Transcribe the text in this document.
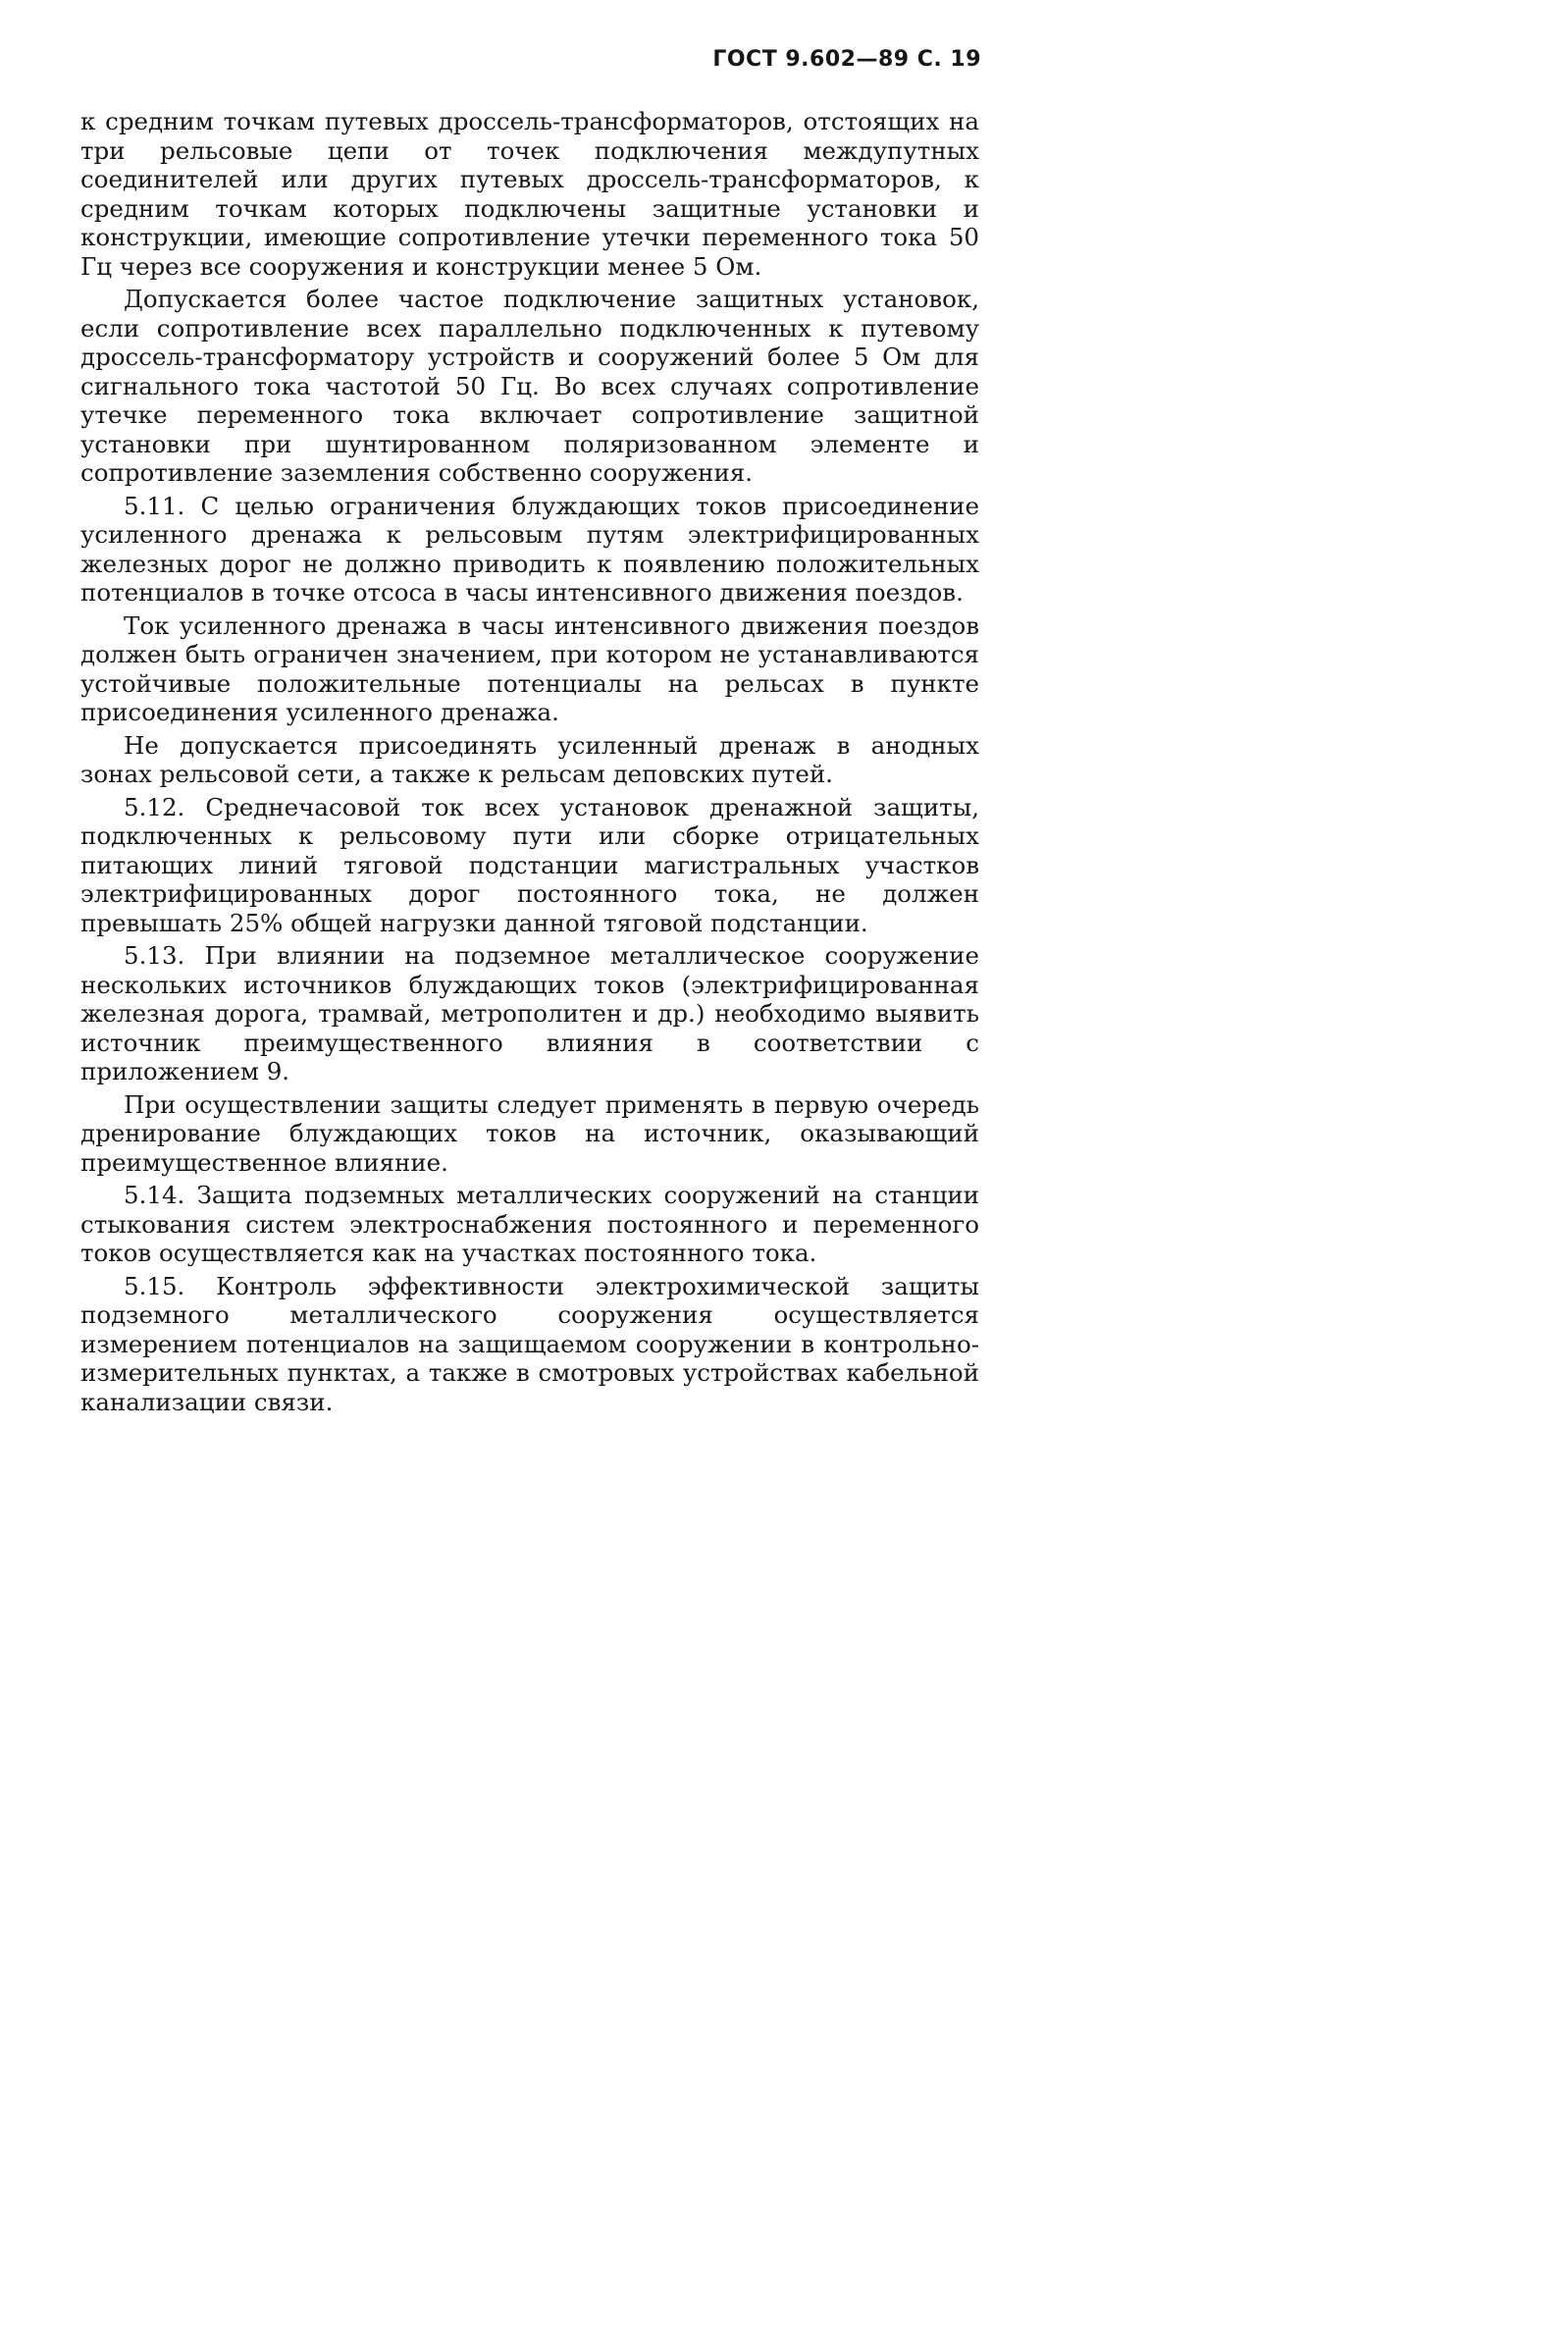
ГОСТ 9.602—89 С. 19

к средним точкам путевых дроссель-трансформаторов, отстоящих на три рельсовые цепи от точек подключения междупутных соединителей или других путевых дроссель-трансформаторов, к средним точкам которых подключены защитные установки и конструкции, имеющие сопротивление утечки переменного тока 50 Гц через все сооружения и конструкции менее 5 Ом.

Допускается более частое подключение защитных установок, если сопротивление всех параллельно подключенных к путевому дроссель-трансформатору устройств и сооружений более 5 Ом для сигнального тока частотой 50 Гц. Во всех случаях сопротивление утечке переменного тока включает сопротивление защитной установки при шунтированном поляризованном элементе и сопротивление заземления собственно сооружения.

5.11. С целью ограничения блуждающих токов присоединение усиленного дренажа к рельсовым путям электрифицированных железных дорог не должно приводить к появлению положительных потенциалов в точке отсоса в часы интенсивного движения поездов.

Ток усиленного дренажа в часы интенсивного движения поездов должен быть ограничен значением, при котором не устанавливаются устойчивые положительные потенциалы на рельсах в пункте присоединения усиленного дренажа.

Не допускается присоединять усиленный дренаж в анодных зонах рельсовой сети, а также к рельсам деповских путей.

5.12. Среднечасовой ток всех установок дренажной защиты, подключенных к рельсовому пути или сборке отрицательных питающих линий тяговой подстанции магистральных участков электрифицированных дорог постоянного тока, не должен превышать 25% общей нагрузки данной тяговой подстанции.

5.13. При влиянии на подземное металлическое сооружение нескольких источников блуждающих токов (электрифицированная железная дорога, трамвай, метрополитен и др.) необходимо выявить источник преимущественного влияния в соответствии с приложением 9.

При осуществлении защиты следует применять в первую очередь дренирование блуждающих токов на источник, оказывающий преимущественное влияние.

5.14. Защита подземных металлических сооружений на станции стыкования систем электроснабжения постоянного и переменного токов осуществляется как на участках постоянного тока.

5.15. Контроль эффективности электрохимической защиты подземного металлического сооружения осуществляется измерением потенциалов на защищаемом сооружении в контрольно-измерительных пунктах, а также в смотровых устройствах кабельной канализации связи.
